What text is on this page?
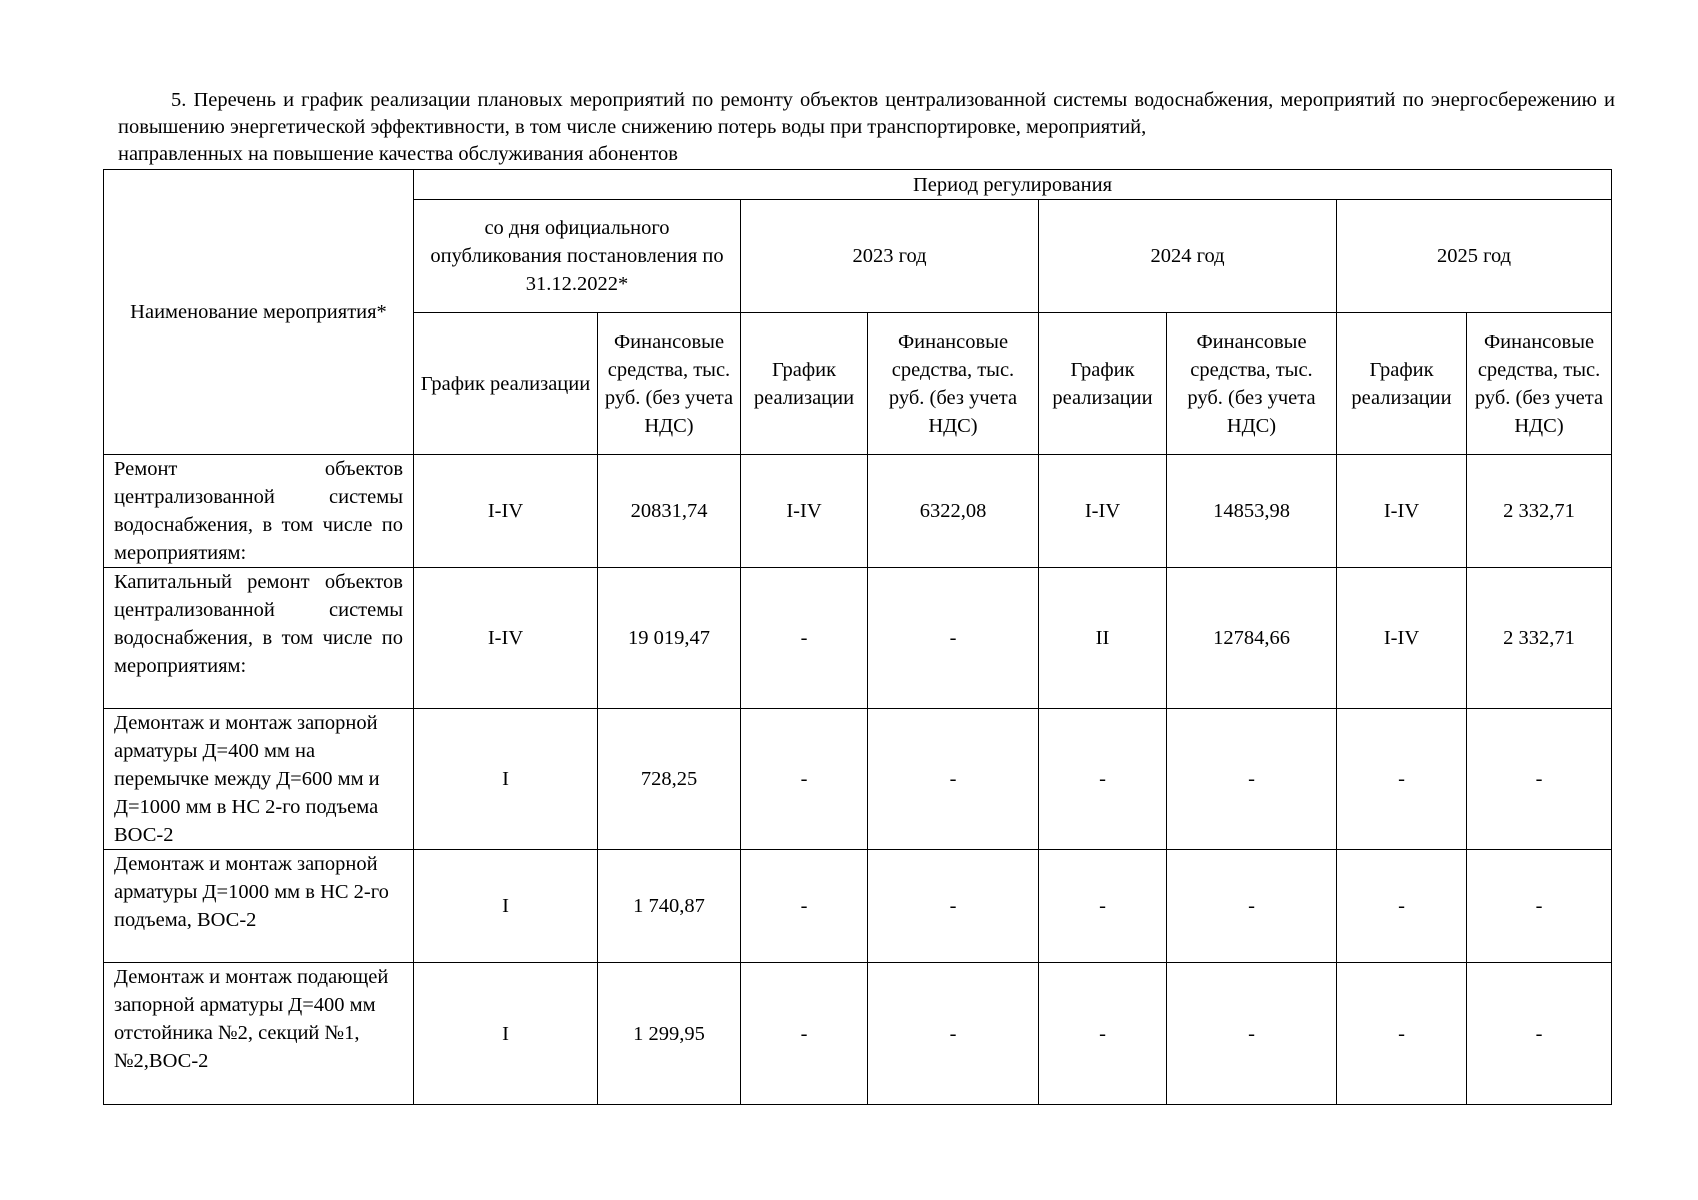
5. Перечень и график реализации плановых мероприятий по ремонту объектов централизованной системы водоснабжения, мероприятий по энергосбережению и повышению энергетической эффективности, в том числе снижению потерь воды при транспортировке, мероприятий,

направленных на повышение качества обслуживания абонентов

Наименование мероприятия*	Период регулирования							
	со дня официального опубликования постановления по 31.12.2022*		2023 год		2024 год		2025 год	
	График реализации	Финансовые средства, тыс. руб. (без учета НДС)	График реализации	Финансовые средства, тыс. руб. (без учета НДС)	График реализации	Финансовые средства, тыс. руб. (без учета НДС)	График реализации	Финансовые средства, тыс. руб. (без учета НДС)
Ремонт объектов централизованной системы водоснабжения, в том числе по мероприятиям:	I-IV	20831,74	I-IV	6322,08	I-IV	14853,98	I-IV	2 332,71
Капитальный ремонт объектов централизованной системы водоснабжения, в том числе по мероприятиям:	I-IV	19 019,47	-	-	II	12784,66	I-IV	2 332,71
Демонтаж и монтаж запорной арматуры Д=400 мм на перемычке между Д=600 мм и Д=1000 мм в НС 2-го подъема ВОС-2	I	728,25	-	-	-	-	-	-
Демонтаж и монтаж запорной арматуры Д=1000 мм в НС 2-го подъема, ВОС-2	I	1 740,87	-	-	-	-	-	-
Демонтаж и монтаж подающей запорной арматуры Д=400 мм отстойника №2, секций №1, №2,ВОС-2	I	1 299,95	-	-	-	-	-	-
